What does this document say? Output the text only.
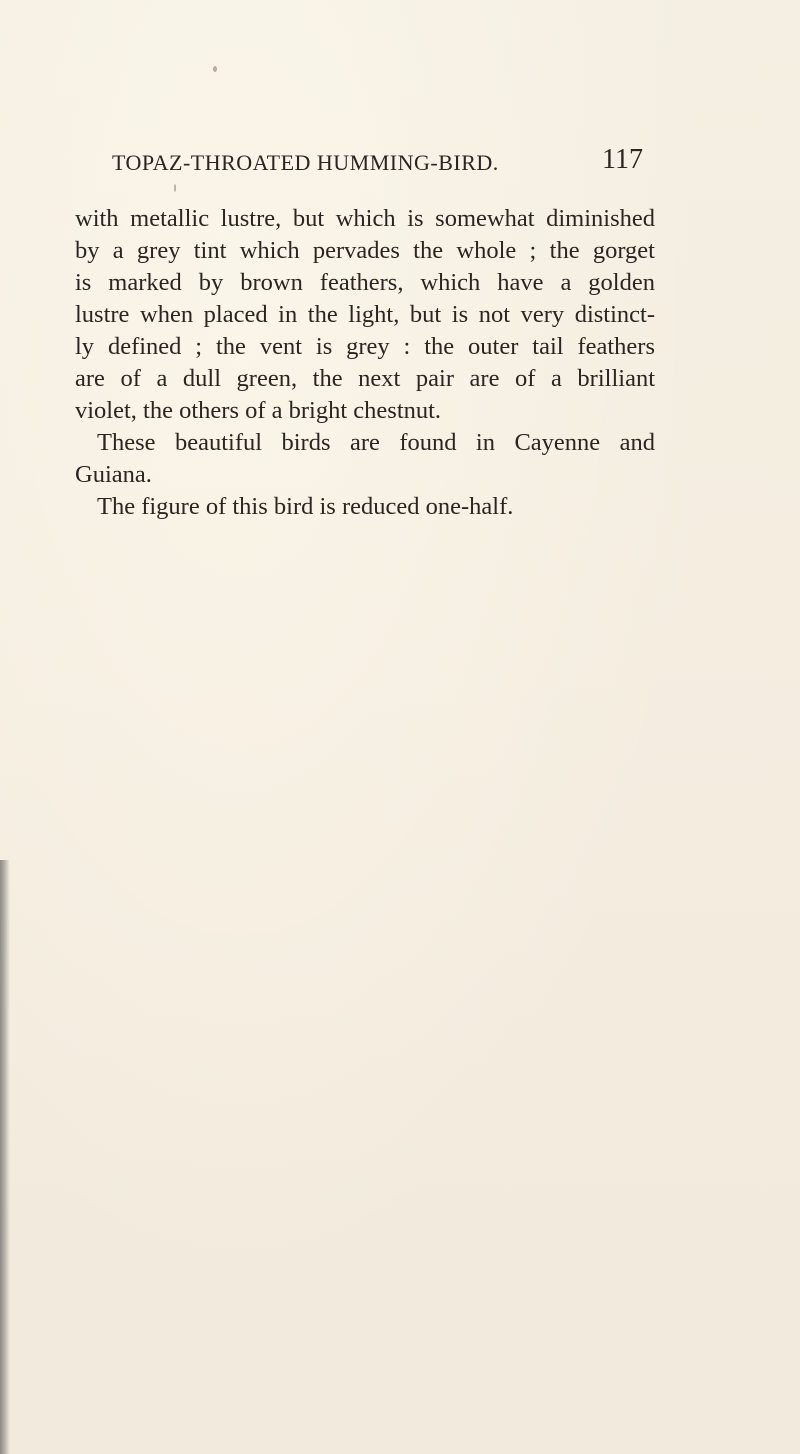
TOPAZ-THROATED HUMMING-BIRD.	117
with metallic lustre, but which is somewhat diminished
by a grey tint which pervades the whole ; the gorget
is marked by brown feathers, which have a golden
lustre when placed in the light, but is not very distinct-
ly defined ; the vent is grey : the outer tail feathers
are of a dull green, the next pair are of a brilliant
violet, the others of a bright chestnut.
These beautiful birds are found in Cayenne and
Guiana.
The figure of this bird is reduced one-half.
